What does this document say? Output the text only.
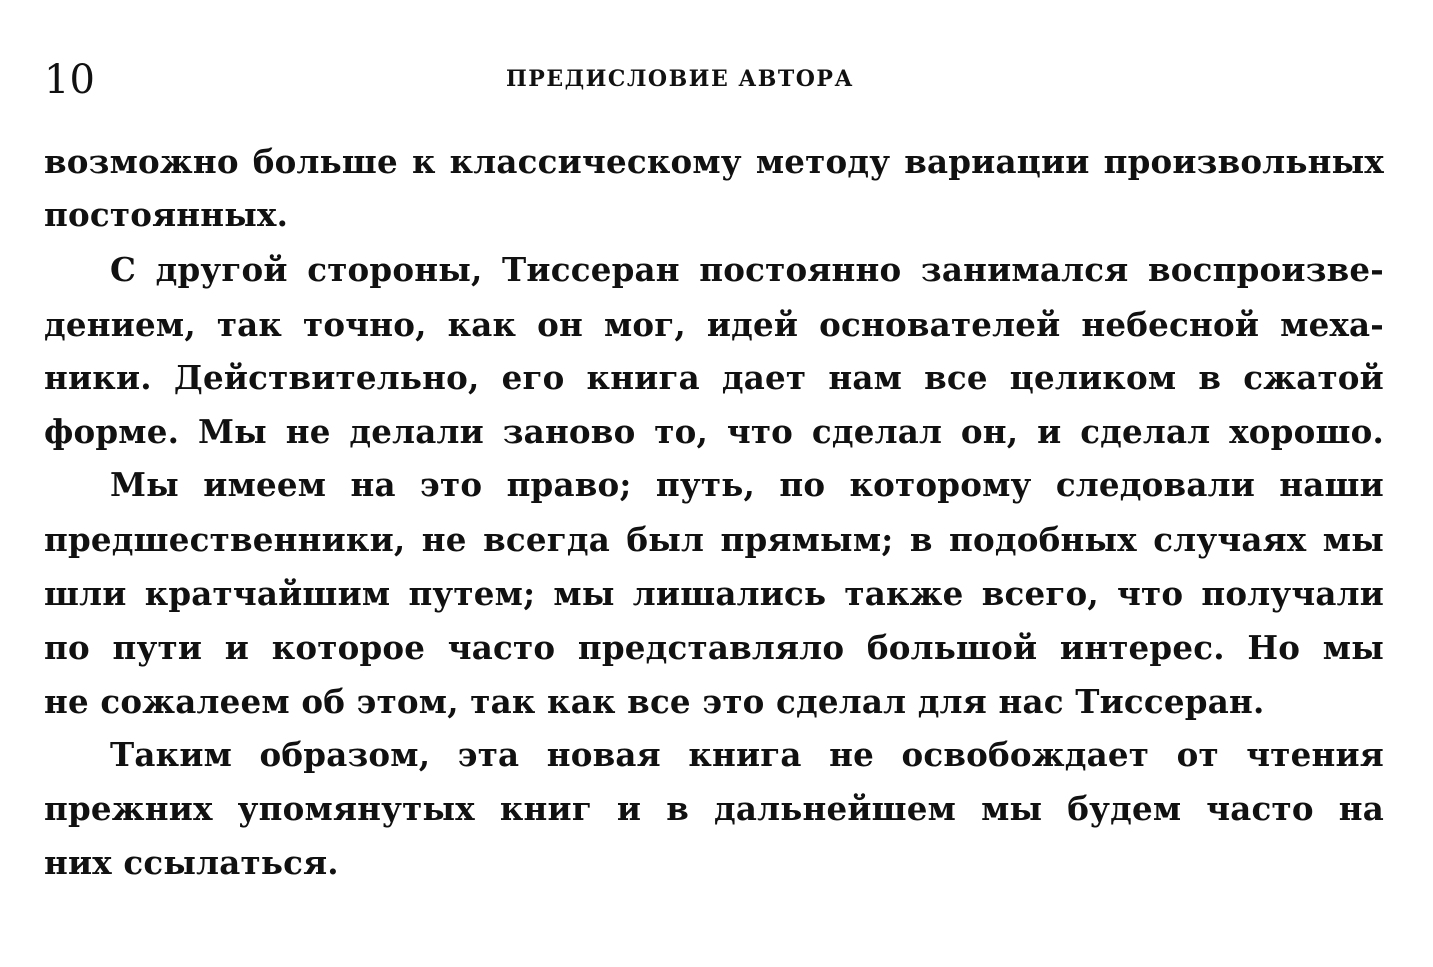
10	ПРЕДИСЛОВИЕ АВТОРА
возможно больше к классическому методу вариации произвольных
постоянных.
С другой стороны, Тиссеран постоянно занимался воспроизве-
дением, так точно, как он мог, идей основателей небесной меха-
ники. Действительно, его книга дает нам все целиком в сжатой
форме. Мы не делали заново то, что сделал он, и сделал хорошо.
Мы имеем на это право; путь, по которому следовали наши
предшественники, не всегда был прямым; в подобных случаях мы
шли кратчайшим путем; мы лишались также всего, что получали
по пути и которое часто представляло большой интерес. Но мы
не сожалеем об этом, так как все это сделал для нас Тиссеран.
Таким образом, эта новая книга не освобождает от чтения
прежних упомянутых книг и в дальнейшем мы будем часто на
них ссылаться.
